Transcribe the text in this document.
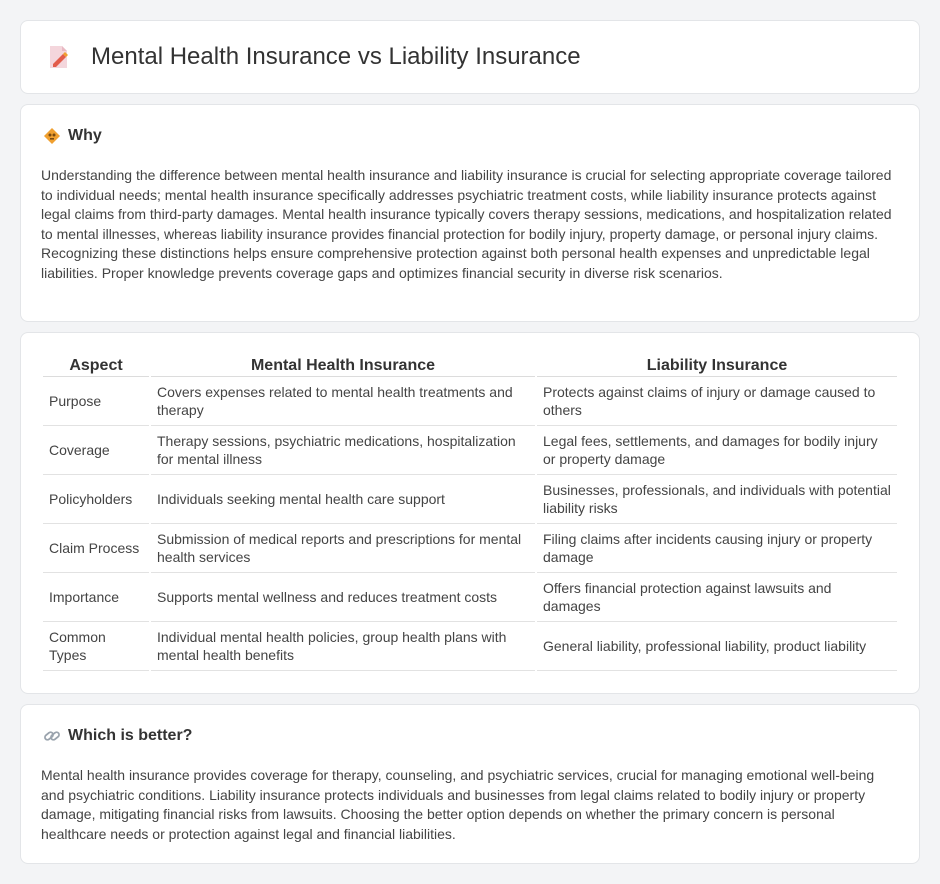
Mental Health Insurance vs Liability Insurance
Why

Understanding the difference between mental health insurance and liability insurance is crucial for selecting appropriate coverage tailored to individual needs; mental health insurance specifically addresses psychiatric treatment costs, while liability insurance protects against legal claims from third-party damages. Mental health insurance typically covers therapy sessions, medications, and hospitalization related to mental illnesses, whereas liability insurance provides financial protection for bodily injury, property damage, or personal injury claims. Recognizing these distinctions helps ensure comprehensive protection against both personal health expenses and unpredictable legal liabilities. Proper knowledge prevents coverage gaps and optimizes financial security in diverse risk scenarios.

Aspect	Mental Health Insurance	Liability Insurance
Purpose	Covers expenses related to mental health treatments and therapy	Protects against claims of injury or damage caused to others
Coverage	Therapy sessions, psychiatric medications, hospitalization for mental illness	Legal fees, settlements, and damages for bodily injury or property damage
Policyholders	Individuals seeking mental health care support	Businesses, professionals, and individuals with potential liability risks
Claim Process	Submission of medical reports and prescriptions for mental health services	Filing claims after incidents causing injury or property damage
Importance	Supports mental wellness and reduces treatment costs	Offers financial protection against lawsuits and damages
Common Types	Individual mental health policies, group health plans with mental health benefits	General liability, professional liability, product liability
Which is better?

Mental health insurance provides coverage for therapy, counseling, and psychiatric services, crucial for managing emotional well-being and psychiatric conditions. Liability insurance protects individuals and businesses from legal claims related to bodily injury or property damage, mitigating financial risks from lawsuits. Choosing the better option depends on whether the primary concern is personal healthcare needs or protection against legal and financial liabilities.
